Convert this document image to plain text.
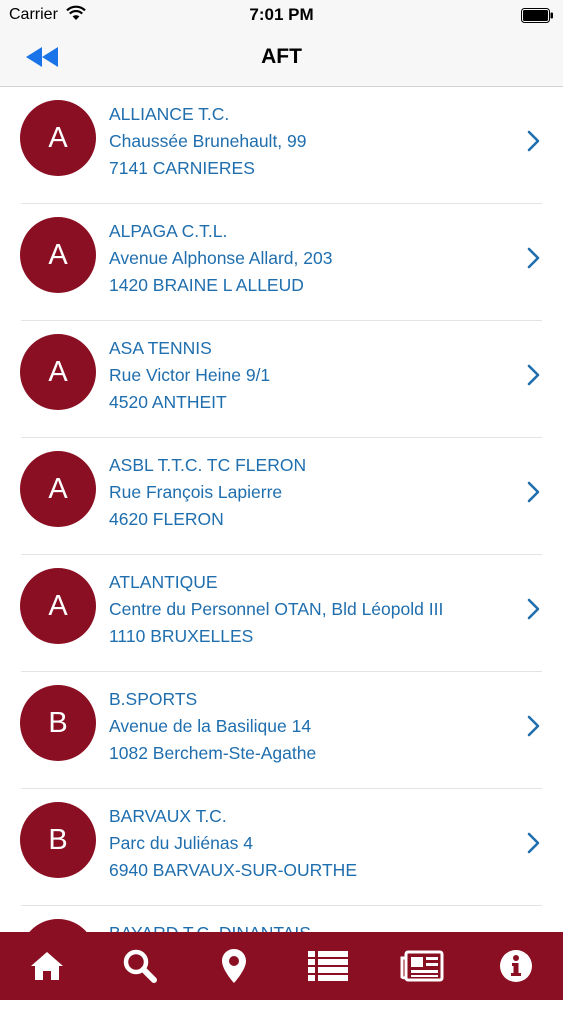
Carrier	7:01 PM
AFT
A
ALLIANCE T.C.
Chaussée Brunehault, 99
7141 CARNIERES
A
ALPAGA C.T.L.
Avenue Alphonse Allard, 203
1420 BRAINE L ALLEUD
A
ASA TENNIS
Rue Victor Heine 9/1
4520 ANTHEIT
A
ASBL T.T.C. TC FLERON
Rue François Lapierre
4620 FLERON
A
ATLANTIQUE
Centre du Personnel OTAN, Bld Léopold III
1110 BRUXELLES
B
B.SPORTS
Avenue de la Basilique 14
1082 Berchem-Ste-Agathe
B
BARVAUX T.C.
Parc du Juliénas 4
6940 BARVAUX-SUR-OURTHE
